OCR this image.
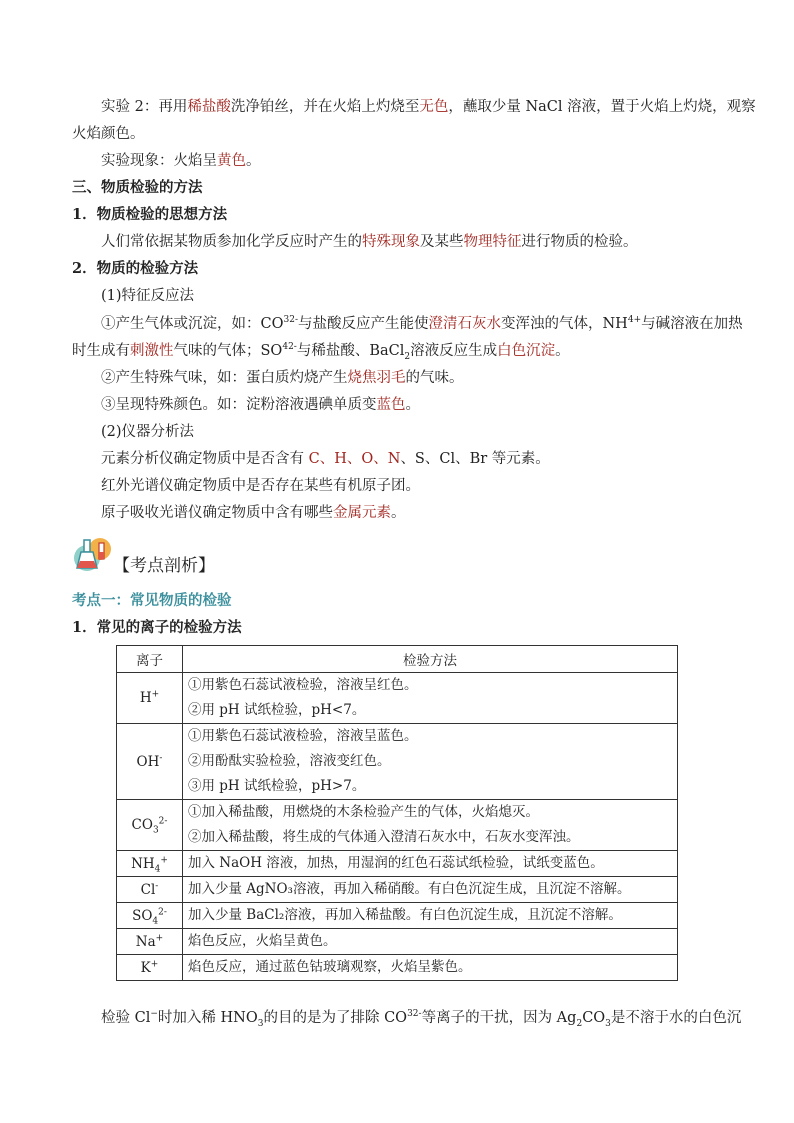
实验 2：再用稀盐酸洗净铂丝，并在火焰上灼烧至无色，蘸取少量 NaCl 溶液，置于火焰上灼烧，观察
火焰颜色。
实验现象：火焰呈黄色。
三、物质检验的方法
1．物质检验的思想方法
人们常依据某物质参加化学反应时产生的特殊现象及某些物理特征进行物质的检验。
2．物质的检验方法
(1)特征反应法
①产生气体或沉淀，如：$CO^{32-}$与盐酸反应产生能使澄清石灰水变浑浊的气体，$NH^{4+}$与碱溶液在加热
时生成有刺激性气味的气体；$SO^{42-}$与稀盐酸、BaCl$_2$溶液反应生成白色沉淀。
②产生特殊气味，如：蛋白质灼烧产生烧焦羽毛的气味。
③呈现特殊颜色。如：淀粉溶液遇碘单质变蓝色。
(2)仪器分析法
元素分析仪确定物质中是否含有 C、H、O、N、S、Cl、Br 等元素。
红外光谱仪确定物质中是否存在某些有机原子团。
原子吸收光谱仪确定物质中含有哪些金属元素。
【考点剖析】
考点一：常见物质的检验
1．常见的离子的检验方法
离子	检验方法
H+	①用紫色石蕊试液检验，溶液呈红色。
②用 pH 试纸检验，pH<7。

OH-	①用紫色石蕊试液检验，溶液呈蓝色。
②用酚酞实验检验，溶液变红色。
③用 pH 试纸检验，pH>7。

$CO_3^{2-}$	①加入稀盐酸，用燃烧的木条检验产生的气体，火焰熄灭。
②加入稀盐酸，将生成的气体通入澄清石灰水中，石灰水变浑浊。

$NH_4^+$	加入 NaOH 溶液，加热，用湿润的红色石蕊试纸检验，试纸变蓝色。

Cl-	加入少量 AgNO₃溶液，再加入稀硝酸。有白色沉淀生成，且沉淀不溶解。

$SO_4^{2-}$	加入少量 BaCl₂溶液，再加入稀盐酸。有白色沉淀生成，且沉淀不溶解。

Na+	焰色反应，火焰呈黄色。

K+	焰色反应，通过蓝色钴玻璃观察，火焰呈紫色。
检验 Cl−时加入稀 $HNO_3$的目的是为了排除 $CO^{32-}$等离子的干扰，因为 $Ag_2CO_3$是不溶于水的白色沉
